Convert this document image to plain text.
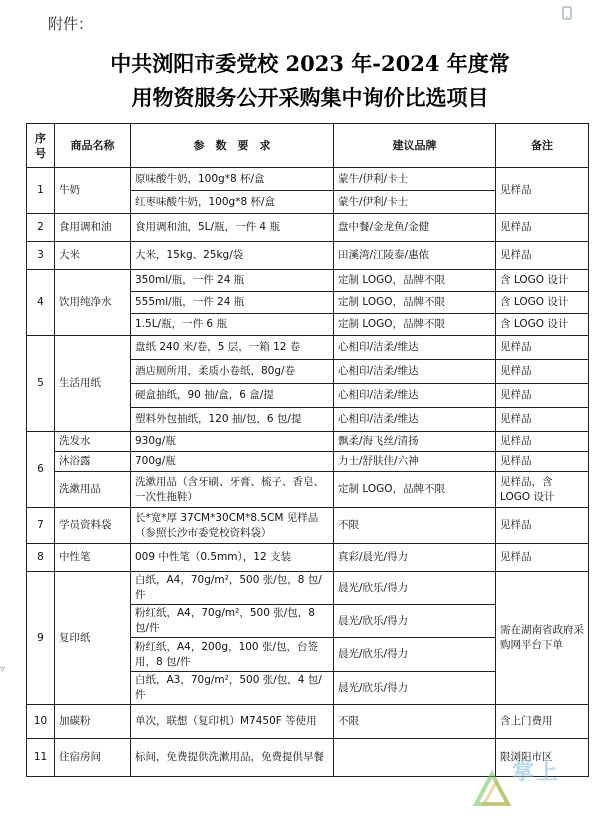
附件：
中共浏阳市委党校 2023 年-2024 年度常
用物资服务公开采购集中询价比选项目
序号	商品名称	参　数　要　求	建议品牌	备注
1	牛奶	原味酸牛奶，100g*8 杯/盒	蒙牛/伊利/卡士	见样品
		红枣味酸牛奶，100g*8 杯/盒	蒙牛/伊利/卡士	
2	食用调和油	食用调和油，5L/瓶，一件 4 瓶	盘中餐/金龙鱼/金健	见样品
3	大米	大米，15kg、25kg/袋	田溪湾/江陵泰/惠侬	见样品
4	饮用纯净水	350ml/瓶，一件 24 瓶	定制 LOGO，品牌不限	含 LOGO 设计
		555ml/瓶，一件 24 瓶	定制 LOGO，品牌不限	含 LOGO 设计
		1.5L/瓶，一件 6 瓶	定制 LOGO，品牌不限	含 LOGO 设计
5	生活用纸	盘纸 240 米/卷，5 层，一箱 12 卷	心相印/洁柔/维达	见样品
		酒店厕所用，柔质小卷纸，80g/卷	心相印/洁柔/维达	见样品
		硬盒抽纸，90 抽/盒，6 盒/提	心相印/洁柔/维达	见样品
		塑料外包抽纸，120 抽/包，6 包/提	心相印/洁柔/维达	见样品
6	洗发水	930g/瓶	飘柔/海飞丝/清扬	见样品
	沐浴露	700g/瓶	力士/舒肤佳/六神	见样品
	洗漱用品	洗漱用品（含牙刷、牙膏、梳子、香皂、一次性拖鞋）	定制 LOGO，品牌不限	见样品，含 LOGO 设计
7	学员资料袋	长*宽*厚 37CM*30CM*8.5CM 见样品（参照长沙市委党校资料袋）	不限	见样品
8	中性笔	009 中性笔（0.5mm），12 支装	真彩/晨光/得力	见样品
9	复印纸	白纸，A4，70g/m²，500 张/包，8 包/件	晨光/欣乐/得力	需在湖南省政府采购网平台下单
		粉红纸，A4，70g/m²，500 张/包，8 包/件	晨光/欣乐/得力	
		粉红纸，A4，200g，100 张/包，台签用，8 包/件	晨光/欣乐/得力	
		白纸，A3，70g/m²，500 张/包，4 包/件	晨光/欣乐/得力	
10	加碳粉	单次，联想（复印机）M7450F 等使用	不限	含上门费用
11	住宿房间	标间，免费提供洗漱用品，免费提供早餐		限浏阳市区
▿
掌上
